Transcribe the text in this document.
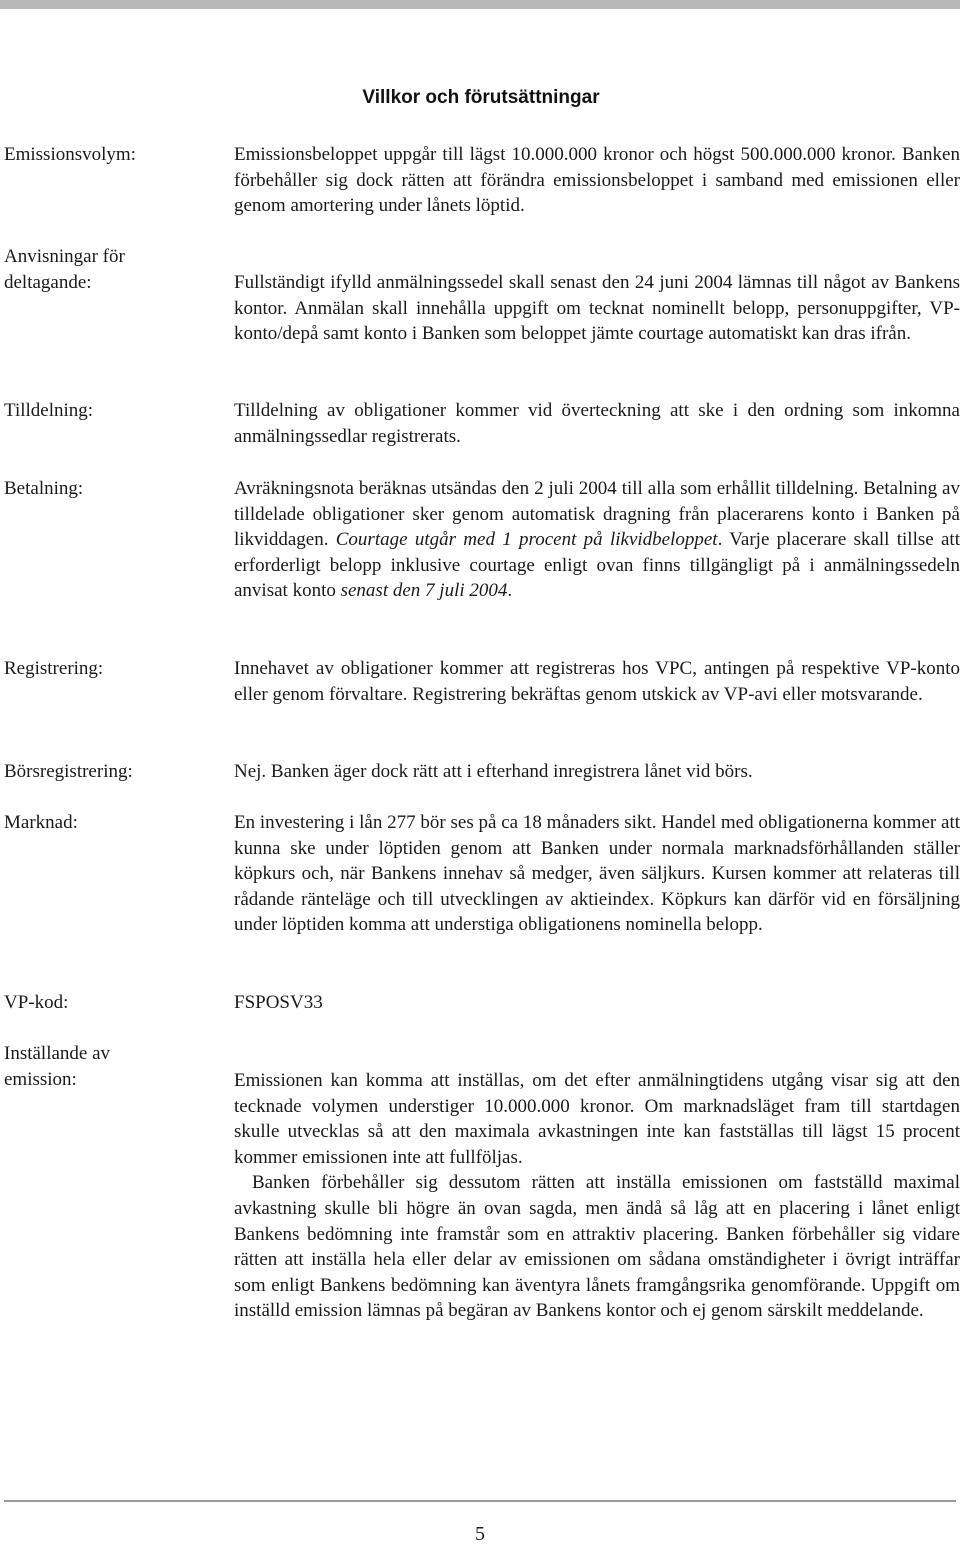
Villkor och förutsättningar
Emissionsvolym:	Emissionsbeloppet uppgår till lägst 10.000.000 kronor och högst 500.000.000 kronor. Banken förbehåller sig dock rätten att förändra emissionsbeloppet i samband med emissionen eller genom amortering under lånets löptid.

Anvisningar för
deltagande:	Fullständigt ifylld anmälningssedel skall senast den 24 juni 2004 lämnas till något av Bankens kontor. Anmälan skall innehålla uppgift om tecknat nominellt belopp, personuppgifter, VP-konto/depå samt konto i Banken som beloppet jämte courtage automatiskt kan dras ifrån.

Tilldelning:	Tilldelning av obligationer kommer vid överteckning att ske i den ordning som inkomna anmälningssedlar registrerats.

Betalning:	Avräkningsnota beräknas utsändas den 2 juli 2004 till alla som erhållit tilldelning. Betalning av tilldelade obligationer sker genom automatisk dragning från placerarens konto i Banken på likviddagen. Courtage utgår med 1 procent på likvidbeloppet. Varje placerare skall tillse att erforderligt belopp inklusive courtage enligt ovan finns tillgängligt på i anmälningssedeln anvisat konto senast den 7 juli 2004.

Registrering:	Innehavet av obligationer kommer att registreras hos VPC, antingen på respektive VP-konto eller genom förvaltare. Registrering bekräftas genom utskick av VP-avi eller motsvarande.

Börsregistrering:	Nej. Banken äger dock rätt att i efterhand inregistrera lånet vid börs.

Marknad:	En investering i lån 277 bör ses på ca 18 månaders sikt. Handel med obligationerna kommer att kunna ske under löptiden genom att Banken under normala marknadsförhållanden ställer köpkurs och, när Bankens innehav så medger, även säljkurs. Kursen kommer att relateras till rådande ränteläge och till utvecklingen av aktieindex. Köpkurs kan därför vid en försäljning under löptiden komma att understiga obligationens nominella belopp.

VP-kod:	FSPOSV33

Inställande av
emission:	Emissionen kan komma att inställas, om det efter anmälningtidens utgång visar sig att den tecknade volymen understiger 10.000.000 kronor. Om marknadsläget fram till startdagen skulle utvecklas så att den maximala avkastningen inte kan fastställas till lägst 15 procent kommer emissionen inte att fullföljas.

Banken förbehåller sig dessutom rätten att inställa emissionen om fastställd maximal avkastning skulle bli högre än ovan sagda, men ändå så låg att en placering i lånet enligt Bankens bedömning inte framstår som en attraktiv placering. Banken förbehåller sig vidare rätten att inställa hela eller delar av emissionen om sådana omständigheter i övrigt inträffar som enligt Bankens bedömning kan äventyra lånets framgångsrika genomförande. Uppgift om inställd emission lämnas på begäran av Bankens kontor och ej genom särskilt meddelande.

5
